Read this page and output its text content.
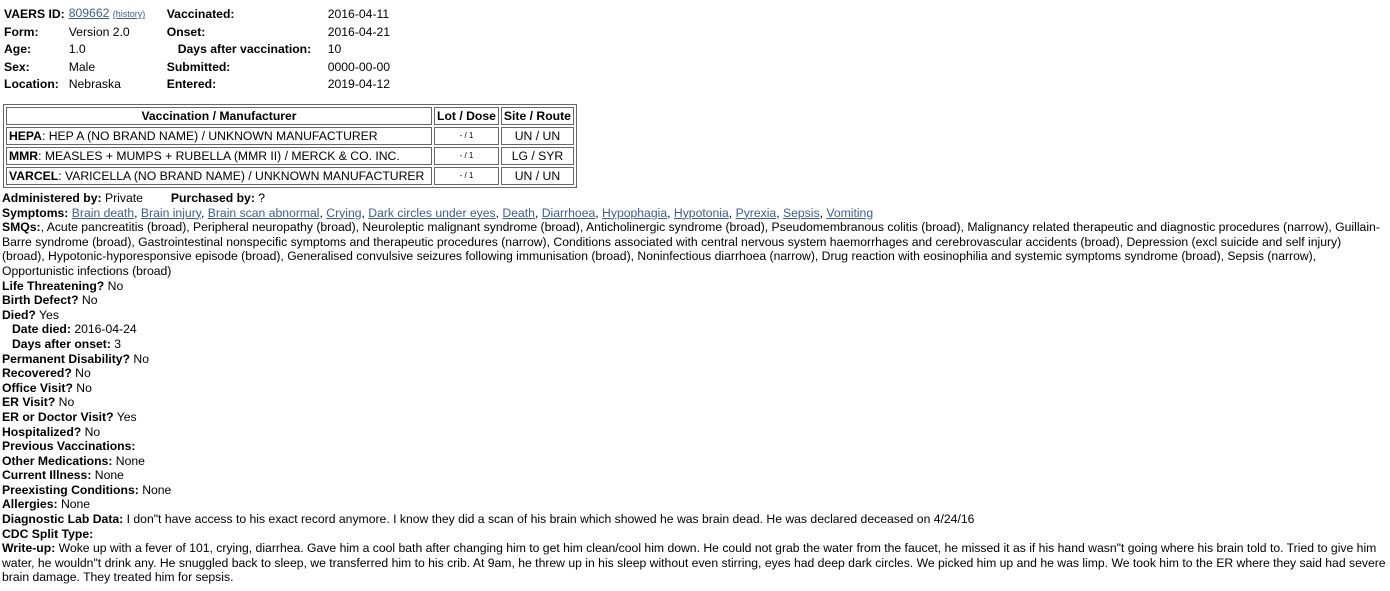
VAERS ID:	809662 (history)	Vaccinated:	2016-04-11
Form:	Version 2.0	Onset:	2016-04-21
Age:	1.0	Days after vaccination:	10
Sex:	Male	Submitted:	0000-00-00
Location:	Nebraska	Entered:	2019-04-12
Vaccination / Manufacturer	Lot / Dose	Site / Route
HEPA: HEP A (NO BRAND NAME) / UNKNOWN MANUFACTURER	- / 1	UN / UN
MMR: MEASLES + MUMPS + RUBELLA (MMR II) / MERCK & CO. INC.	- / 1	LG / SYR
VARCEL: VARICELLA (NO BRAND NAME) / UNKNOWN MANUFACTURER	- / 1	UN / UN

Administered by: Private Purchased by: ?

Symptoms: Brain death, Brain injury, Brain scan abnormal, Crying, Dark circles under eyes, Death, Diarrhoea, Hypophagia, Hypotonia, Pyrexia, Sepsis, Vomiting

SMQs:, Acute pancreatitis (broad), Peripheral neuropathy (broad), Neuroleptic malignant syndrome (broad), Anticholinergic syndrome (broad), Pseudomembranous colitis (broad), Malignancy related therapeutic and diagnostic procedures (narrow), Guillain-Barre syndrome (broad), Gastrointestinal nonspecific symptoms and therapeutic procedures (narrow), Conditions associated with central nervous system haemorrhages and cerebrovascular accidents (broad), Depression (excl suicide and self injury) (broad), Hypotonic-hyporesponsive episode (broad), Generalised convulsive seizures following immunisation (broad), Noninfectious diarrhoea (narrow), Drug reaction with eosinophilia and systemic symptoms syndrome (broad), Sepsis (narrow), Opportunistic infections (broad)

Life Threatening? No

Birth Defect? No

Died? Yes

Date died: 2016-04-24

Days after onset: 3

Permanent Disability? No

Recovered? No

Office Visit? No

ER Visit? No

ER or Doctor Visit? Yes

Hospitalized? No

Previous Vaccinations:

Other Medications: None

Current Illness: None

Preexisting Conditions: None

Allergies: None

Diagnostic Lab Data: I don"t have access to his exact record anymore. I know they did a scan of his brain which showed he was brain dead. He was declared deceased on 4/24/16

CDC Split Type:

Write-up: Woke up with a fever of 101, crying, diarrhea. Gave him a cool bath after changing him to get him clean/cool him down. He could not grab the water from the faucet, he missed it as if his hand wasn"t going where his brain told to. Tried to give him water, he wouldn"t drink any. He snuggled back to sleep, we transferred him to his crib. At 9am, he threw up in his sleep without even stirring, eyes had deep dark circles. We picked him up and he was limp. We took him to the ER where they said had severe brain damage. They treated him for sepsis.
